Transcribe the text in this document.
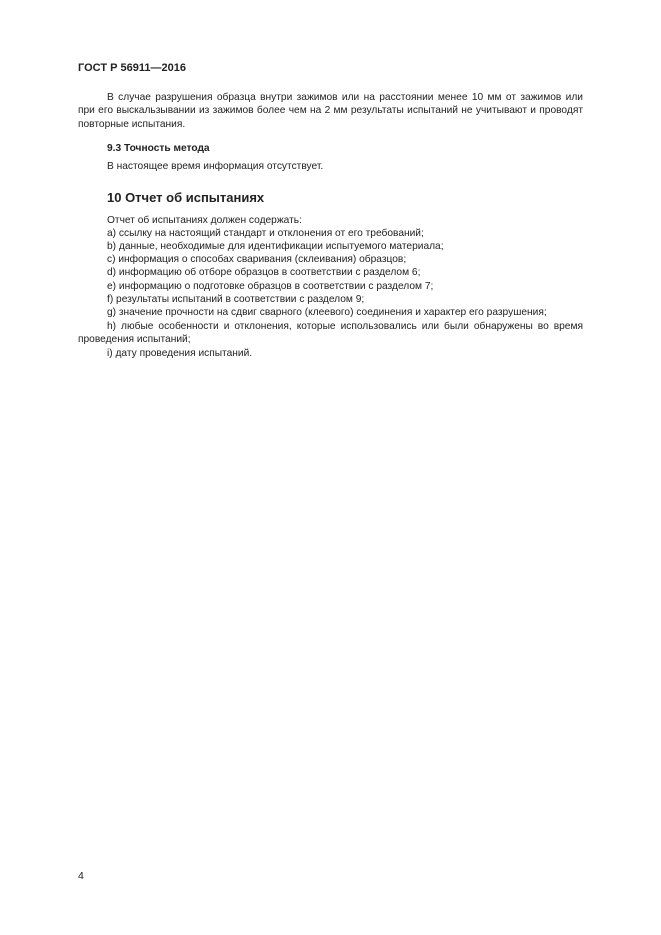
ГОСТ Р 56911—2016
В случае разрушения образца внутри зажимов или на расстоянии менее 10 мм от зажимов или
при его выскальзывании из зажимов более чем на 2 мм результаты испытаний не учитывают и проводят
повторные испытания.
9.3 Точность метода
В настоящее время информация отсутствует.
10 Отчет об испытаниях
Отчет об испытаниях должен содержать:
a) ссылку на настоящий стандарт и отклонения от его требований;
b) данные, необходимые для идентификации испытуемого материала;
c) информация о способах сваривания (склеивания) образцов;
d) информацию об отборе образцов в соответствии с разделом 6;
e) информацию о подготовке образцов в соответствии с разделом 7;
f) результаты испытаний в соответствии с разделом 9;
g) значение прочности на сдвиг сварного (клеевого) соединения и характер его разрушения;
h) любые особенности и отклонения, которые использовались или были обнаружены во время
проведения испытаний;
i) дату проведения испытаний.
4
